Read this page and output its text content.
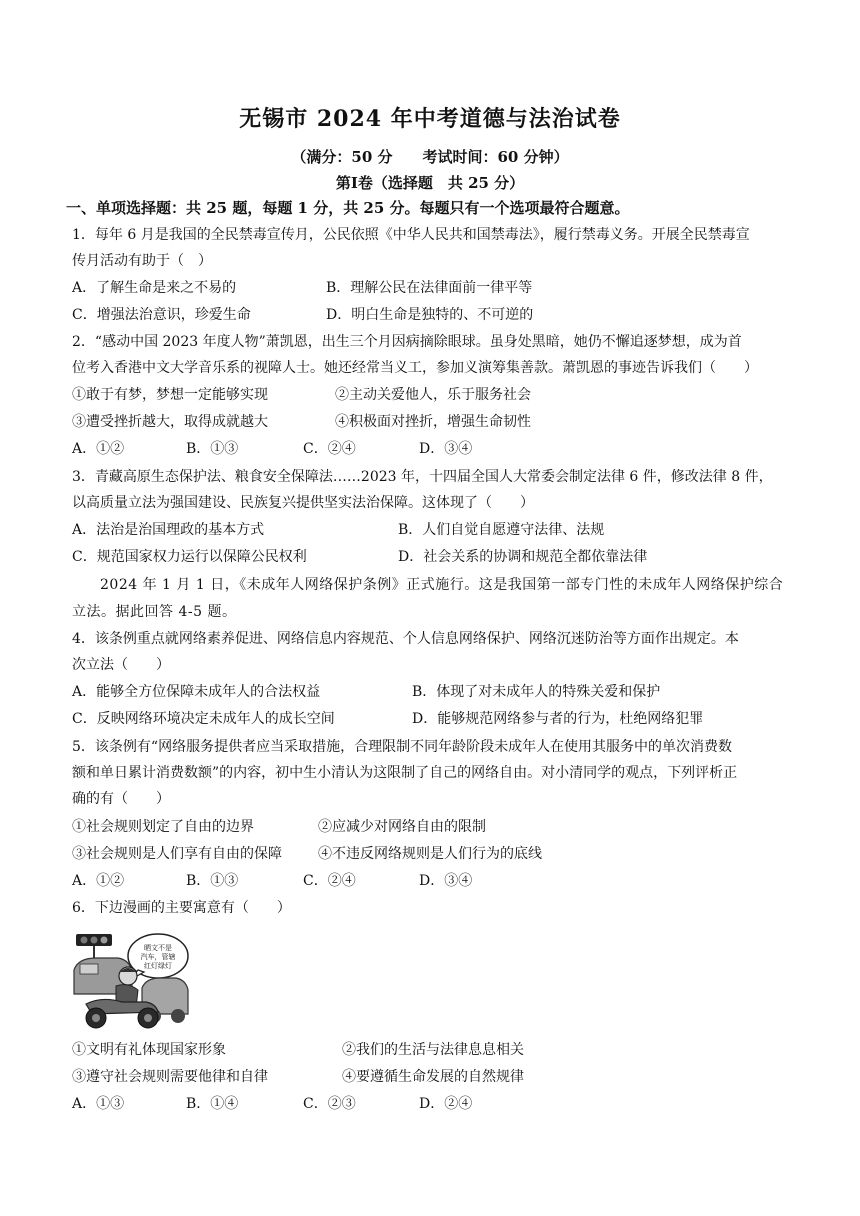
无锡市 2024 年中考道德与法治试卷
（满分：50 分　　考试时间：60 分钟）
第Ⅰ卷（选择题　共 25 分）
一、单项选择题：共 25 题，每题 1 分，共 25 分。每题只有一个选项最符合题意。
1．每年 6 月是我国的全民禁毒宣传月，公民依照《中华人民共和国禁毒法》，履行禁毒义务。开展全民禁毒宣
传月活动有助于（　）
A．了解生命是来之不易的	B．理解公民在法律面前一律平等
C．增强法治意识，珍爱生命	D．明白生命是独特的、不可逆的
2．“感动中国 2023 年度人物”萧凯恩，出生三个月因病摘除眼球。虽身处黑暗，她仍不懈追逐梦想，成为首
位考入香港中文大学音乐系的视障人士。她还经常当义工，参加义演筹集善款。萧凯恩的事迹告诉我们（　　）
①敢于有梦，梦想一定能够实现	②主动关爱他人，乐于服务社会
③遭受挫折越大，取得成就越大	④积极面对挫折，增强生命韧性
A．①②	B．①③	C．②④	D．③④
3．青藏高原生态保护法、粮食安全保障法……2023 年，十四届全国人大常委会制定法律 6 件，修改法律 8 件，
以高质量立法为强国建设、民族复兴提供坚实法治保障。这体现了（　　）
A．法治是治国理政的基本方式	B．人们自觉自愿遵守法律、法规
C．规范国家权力运行以保障公民权利	D．社会关系的协调和规范全都依靠法律
2024 年 1 月 1 日，《未成年人网络保护条例》正式施行。这是我国第一部专门性的未成年人网络保护综合
立法。据此回答 4-5 题。
4．该条例重点就网络素养促进、网络信息内容规范、个人信息网络保护、网络沉迷防治等方面作出规定。本
次立法（　　）
A．能够全方位保障未成年人的合法权益	B．体现了对未成年人的特殊关爱和保护
C．反映网络环境决定未成年人的成长空间	D．能够规范网络参与者的行为，杜绝网络犯罪
5．该条例有“网络服务提供者应当采取措施，合理限制不同年龄阶段未成年人在使用其服务中的单次消费数
额和单日累计消费数额”的内容，初中生小清认为这限制了自己的网络自由。对小清同学的观点，下列评析正
确的有（　　）
①社会规则划定了自由的边界	②应减少对网络自由的限制
③社会规则是人们享有自由的保障	④不违反网络规则是人们行为的底线
A．①②	B．①③	C．②④	D．③④
6．下边漫画的主要寓意有（　　）
晒文不是
汽车，管辖
红灯绿灯
①文明有礼体现国家形象	②我们的生活与法律息息相关
③遵守社会规则需要他律和自律	④要遵循生命发展的自然规律
A．①③	B．①④	C．②③	D．②④
